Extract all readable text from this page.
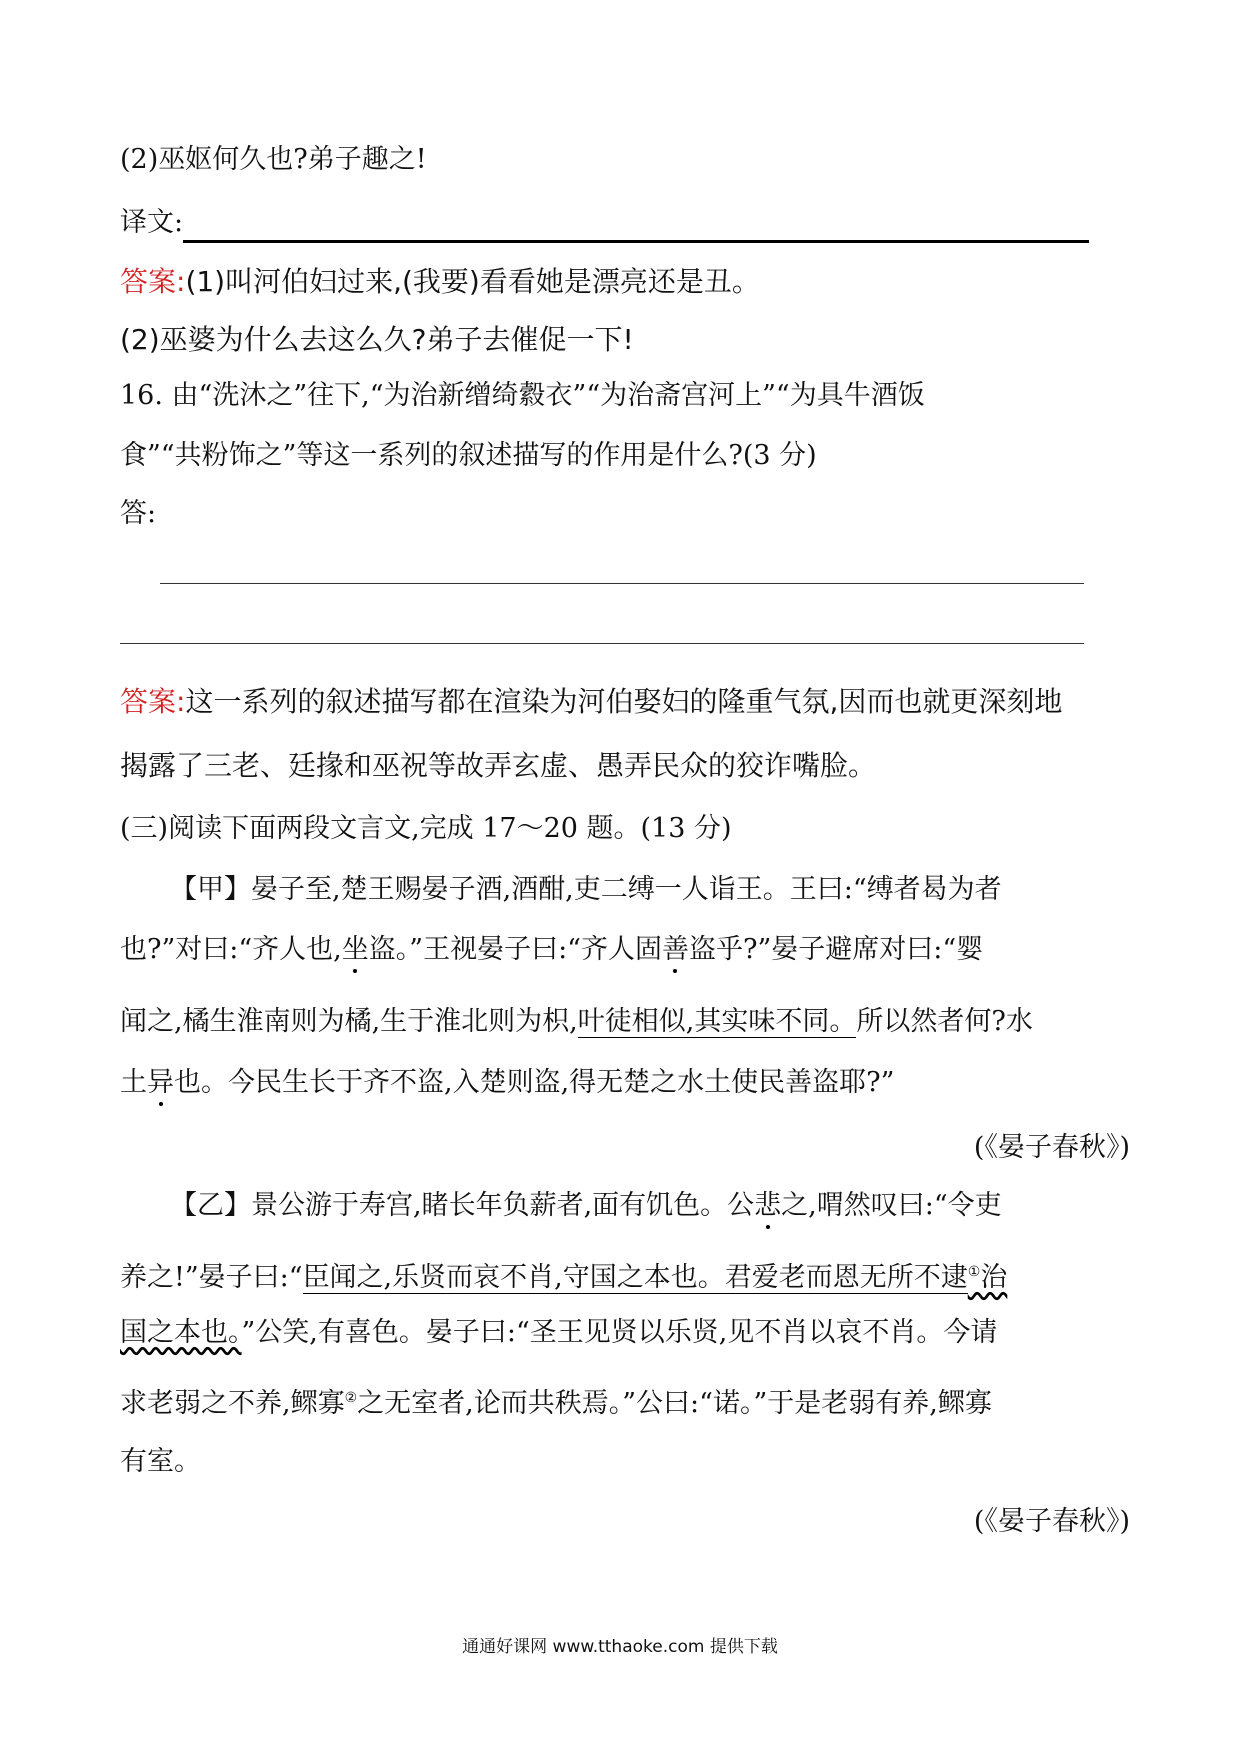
(2)巫妪何久也?弟子趣之!
译文:
答案:(1)叫河伯妇过来,(我要)看看她是漂亮还是丑。
(2)巫婆为什么去这么久?弟子去催促一下!
16. 由“洗沐之”往下,“为治新缯绮縠衣”“为治斋宫河上”“为具牛酒饭
食”“共粉饰之”等这一系列的叙述描写的作用是什么?(3 分)
答:
答案:这一系列的叙述描写都在渲染为河伯娶妇的隆重气氛,因而也就更深刻地
揭露了三老、廷掾和巫祝等故弄玄虚、愚弄民众的狡诈嘴脸。
(三)阅读下面两段文言文,完成 17～20 题。(13 分)
【甲】晏子至,楚王赐晏子酒,酒酣,吏二缚一人诣王。王曰:“缚者曷为者
也?”对曰:“齐人也,坐盗。”王视晏子曰:“齐人固善盗乎?”晏子避席对曰:“婴
闻之,橘生淮南则为橘,生于淮北则为枳,叶徒相似,其实味不同。所以然者何?水
土异也。今民生长于齐不盗,入楚则盗,得无楚之水土使民善盗耶?”
(《晏子春秋》)
【乙】景公游于寿宫,睹长年负薪者,面有饥色。公悲之,喟然叹曰:“令吏
养之!”晏子曰:“臣闻之,乐贤而哀不肖,守国之本也。君爱老而恩无所不逮①治
国之本也。”公笑,有喜色。晏子曰:“圣王见贤以乐贤,见不肖以哀不肖。今请
求老弱之不养,鳏寡②之无室者,论而共秩焉。”公曰:“诺。”于是老弱有养,鳏寡
有室。
(《晏子春秋》)
通通好课网 www.tthaoke.com 提供下载
